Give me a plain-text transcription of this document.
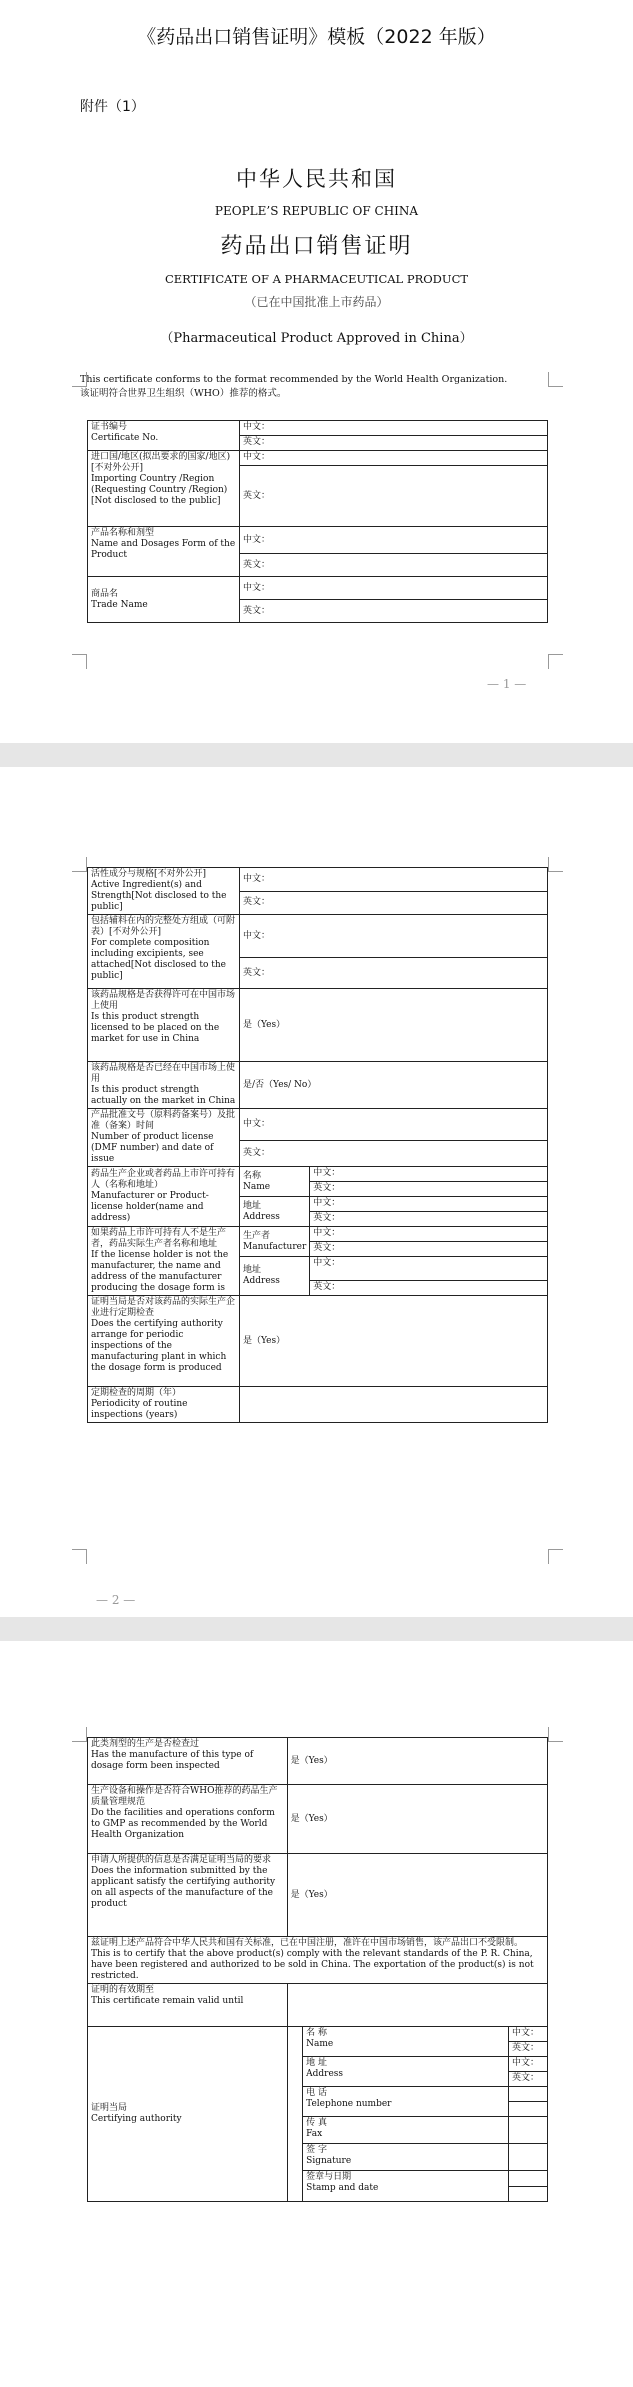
《药品出口销售证明》模板（2022 年版）
附件（1）
中华人民共和国
PEOPLE’S REPUBLIC OF CHINA
药品出口销售证明
CERTIFICATE OF A PHARMACEUTICAL PRODUCT
（已在中国批准上市药品）
（Pharmaceutical Product Approved in China）
This certificate conforms to the format recommended by the World Health Organization.
该证明符合世界卫生组织（WHO）推荐的格式。
证书编号
Certificate No.	中文：
	英文：
进口国/地区(拟出要求的国家/地区)[不对外公开]
Importing Country /Region (Requesting Country /Region)[Not disclosed to the public]	中文：
	英文：
产品名称和剂型
Name and Dosages Form of the Product	中文：
	英文：
商品名
Trade Name	中文：
	英文：
— 1 —
活性成分与规格[不对外公开]
Active Ingredient(s) and Strength[Not disclosed to the public]	中文：	
	英文：	
包括辅料在内的完整处方组成（可附表）[不对外公开]
For complete composition including excipients, see attached[Not disclosed to the public]	中文：	
	英文：	
该药品规格是否获得许可在中国市场上使用
Is this product strength licensed to be placed on the market for use in China	是（Yes）	
该药品规格是否已经在中国市场上使用
Is this product strength actually on the market in China	是/否（Yes/ No）	
产品批准文号（原料药备案号）及批准（备案）时间
Number of product license (DMF number) and date of issue	中文：	
	英文：	
药品生产企业或者药品上市许可持有人（名称和地址）
Manufacturer or Product-license holder(name and address)	名称
Name	中文：
		英文：
	地址
Address	中文：
		英文：
如果药品上市许可持有人不是生产者，药品实际生产者名称和地址
If the license holder is not the manufacturer, the name and address of the manufacturer producing the dosage form is	生产者
Manufacturer	中文：
		英文：
	地址
Address	中文：
		英文：
证明当局是否对该药品的实际生产企业进行定期检查
Does the certifying authority arrange for periodic inspections of the manufacturing plant in which the dosage form is produced	是（Yes）	
定期检查的周期（年）
Periodicity of routine inspections (years)		
— 2 —
此类剂型的生产是否检查过
Has the manufacture of this type of dosage form been inspected	是（Yes）		
生产设备和操作是否符合WHO推荐的药品生产质量管理规范
Do the facilities and operations conform to GMP as recommended by the World Health Organization	是（Yes）		
申请人所提供的信息是否满足证明当局的要求
Does the information submitted by the applicant satisfy the certifying authority on all aspects of the manufacture of the product	是（Yes）		

兹证明上述产品符合中华人民共和国有关标准，已在中国注册，准许在中国市场销售，该产品出口不受限制。
This is to certify that the above product(s) comply with the relevant standards of the P. R. China, have been registered and authorized to be sold in China. The exportation of the product(s) is not restricted.			

证明的有效期至
This certificate remain valid until			
证明当局
Certifying authority		名 称
Name	中文：
			英文：
		地 址
Address	中文：
			英文：
		电 话
Telephone number	

		传 真
Fax	
		签 字
Signature	
		签章与日期
Stamp and date	
